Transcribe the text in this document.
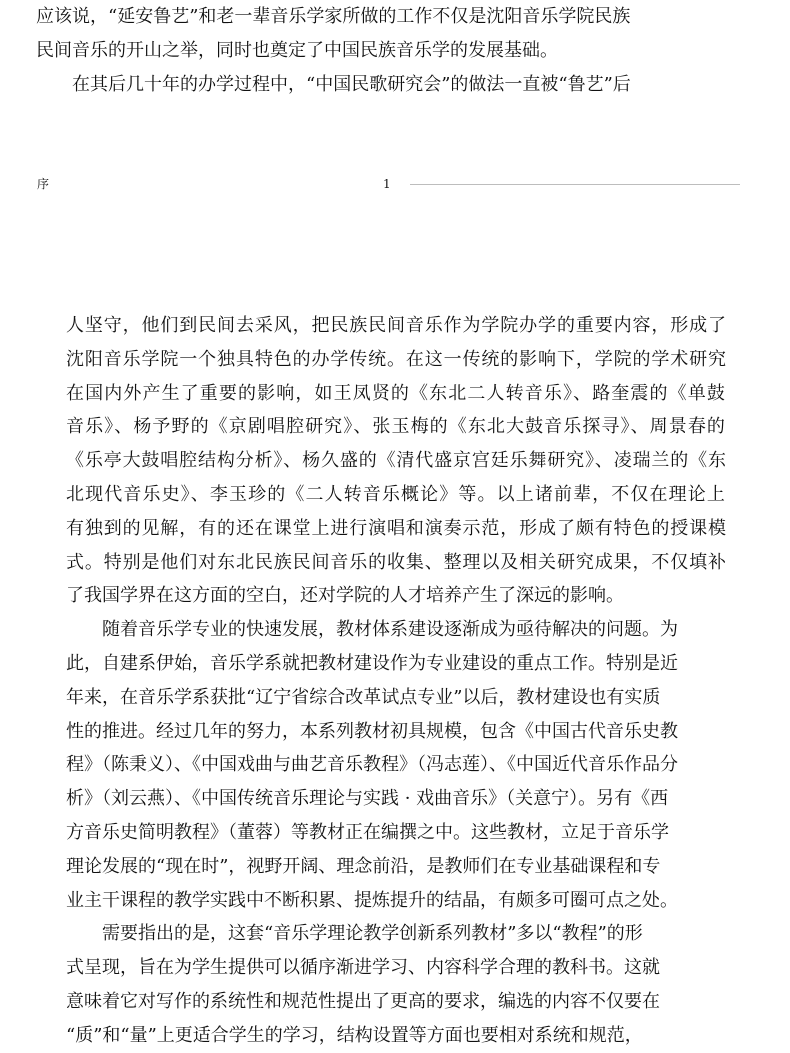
应该说，“延安鲁艺”和老一辈音乐学家所做的工作不仅是沈阳音乐学院民族

民间音乐的开山之举，同时也奠定了中国民族音乐学的发展基础。

在其后几十年的办学过程中，“中国民歌研究会”的做法一直被“鲁艺”后

序	1

人坚守，他们到民间去采风，把民族民间音乐作为学院办学的重要内容，形成了

沈阳音乐学院一个独具特色的办学传统。在这一传统的影响下，学院的学术研究

在国内外产生了重要的影响，如王凤贤的《东北二人转音乐》、路奎震的《单鼓

音乐》、杨予野的《京剧唱腔研究》、张玉梅的《东北大鼓音乐探寻》、周景春的

《乐亭大鼓唱腔结构分析》、杨久盛的《清代盛京宫廷乐舞研究》、凌瑞兰的《东

北现代音乐史》、李玉珍的《二人转音乐概论》等。以上诸前辈，不仅在理论上

有独到的见解，有的还在课堂上进行演唱和演奏示范，形成了颇有特色的授课模

式。特别是他们对东北民族民间音乐的收集、整理以及相关研究成果，不仅填补

了我国学界在这方面的空白，还对学院的人才培养产生了深远的影响。

随着音乐学专业的快速发展，教材体系建设逐渐成为亟待解决的问题。为

此，自建系伊始，音乐学系就把教材建设作为专业建设的重点工作。特别是近

年来，在音乐学系获批“辽宁省综合改革试点专业”以后，教材建设也有实质

性的推进。经过几年的努力，本系列教材初具规模，包含《中国古代音乐史教

程》（陈秉义）、《中国戏曲与曲艺音乐教程》（冯志莲）、《中国近代音乐作品分

析》（刘云燕）、《中国传统音乐理论与实践 · 戏曲音乐》（关意宁）。另有《西

方音乐史简明教程》（董蓉）等教材正在编撰之中。这些教材，立足于音乐学

理论发展的“现在时”，视野开阔、理念前沿，是教师们在专业基础课程和专

业主干课程的教学实践中不断积累、提炼提升的结晶，有颇多可圈可点之处。

需要指出的是，这套“音乐学理论教学创新系列教材”多以“教程”的形

式呈现，旨在为学生提供可以循序渐进学习、内容科学合理的教科书。这就

意味着它对写作的系统性和规范性提出了更高的要求，编选的内容不仅要在

“质”和“量”上更适合学生的学习，结构设置等方面也要相对系统和规范，
